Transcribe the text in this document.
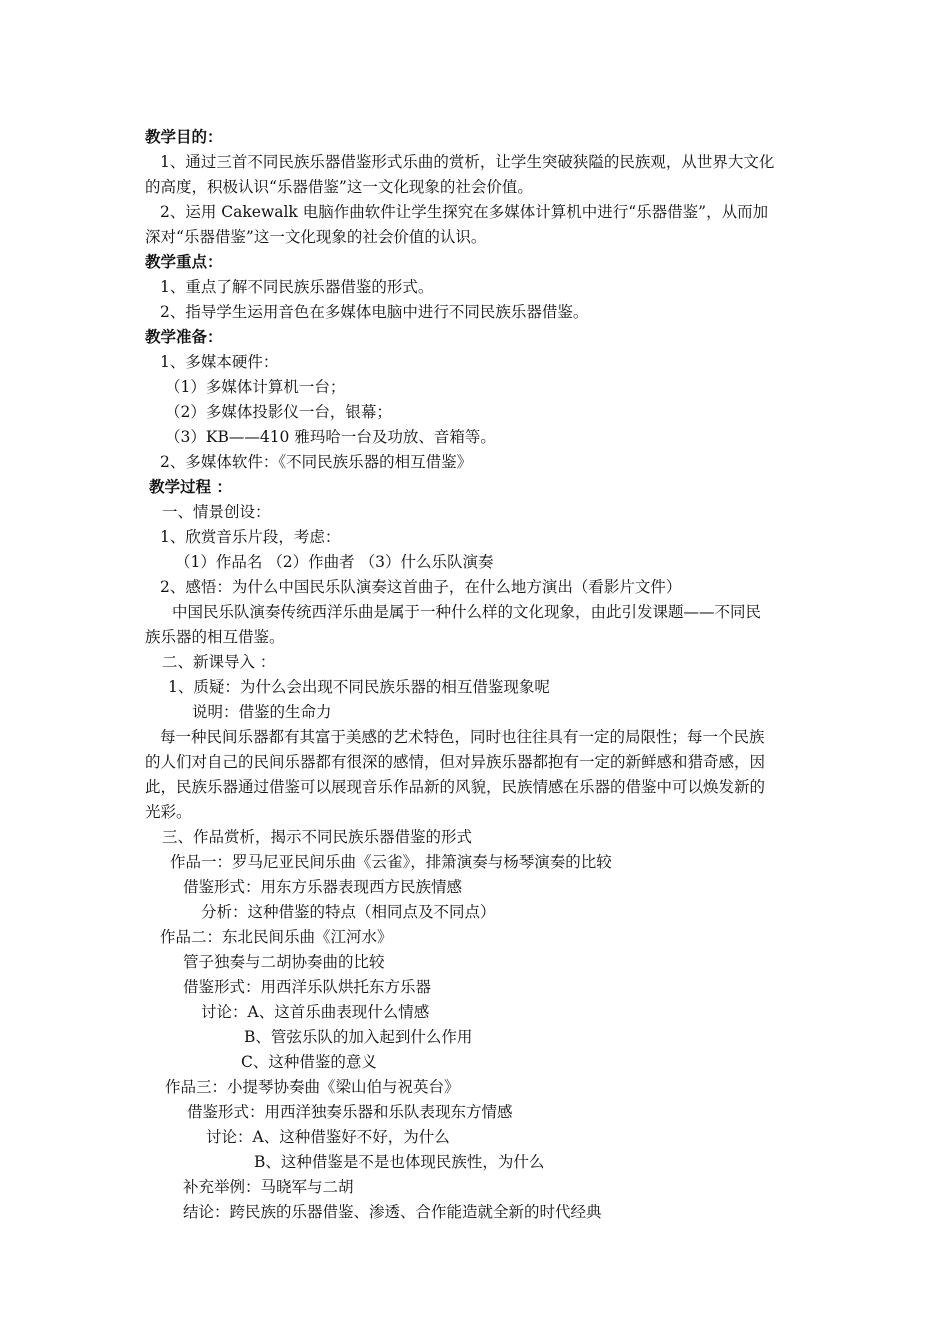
教学目的：
1、通过三首不同民族乐器借鉴形式乐曲的赏析，让学生突破狭隘的民族观，从世界大文化
的高度，积极认识“乐器借鉴”这一文化现象的社会价值。
2、运用 Cakewalk 电脑作曲软件让学生探究在多媒体计算机中进行“乐器借鉴”，从而加
深对“乐器借鉴”这一文化现象的社会价值的认识。
教学重点：
1、重点了解不同民族乐器借鉴的形式。
2、指导学生运用音色在多媒体电脑中进行不同民族乐器借鉴。
教学准备：
1、多媒本硬件：
（1）多媒体计算机一台；
（2）多媒体投影仪一台，银幕；
（3）KB——410 雅玛哈一台及功放、音箱等。
2、多媒体软件：《不同民族乐器的相互借鉴》
教学过程 ：
一、情景创设：
1、欣赏音乐片段，考虑：
（1）作品名 （2）作曲者 （3）什么乐队演奏
2、感悟：为什么中国民乐队演奏这首曲子，在什么地方演出（看影片文件）
中国民乐队演奏传统西洋乐曲是属于一种什么样的文化现象，由此引发课题——不同民
族乐器的相互借鉴。
二、新课导入 ：
1、质疑：为什么会出现不同民族乐器的相互借鉴现象呢
说明：借鉴的生命力
每一种民间乐器都有其富于美感的艺术特色，同时也往往具有一定的局限性；每一个民族
的人们对自己的民间乐器都有很深的感情，但对异族乐器都抱有一定的新鲜感和猎奇感，因
此，民族乐器通过借鉴可以展现音乐作品新的风貌，民族情感在乐器的借鉴中可以焕发新的
光彩。
三、作品赏析，揭示不同民族乐器借鉴的形式
作品一：罗马尼亚民间乐曲《云雀》，排箫演奏与杨琴演奏的比较
借鉴形式：用东方乐器表现西方民族情感
分析：这种借鉴的特点（相同点及不同点）
作品二：东北民间乐曲《江河水》
管子独奏与二胡协奏曲的比较
借鉴形式：用西洋乐队烘托东方乐器
讨论：A、这首乐曲表现什么情感
B、管弦乐队的加入起到什么作用
C、这种借鉴的意义
作品三：小提琴协奏曲《梁山伯与祝英台》
借鉴形式：用西洋独奏乐器和乐队表现东方情感
讨论：A、这种借鉴好不好，为什么
B、这种借鉴是不是也体现民族性，为什么
补充举例：马晓军与二胡
结论：跨民族的乐器借鉴、渗透、合作能造就全新的时代经典
